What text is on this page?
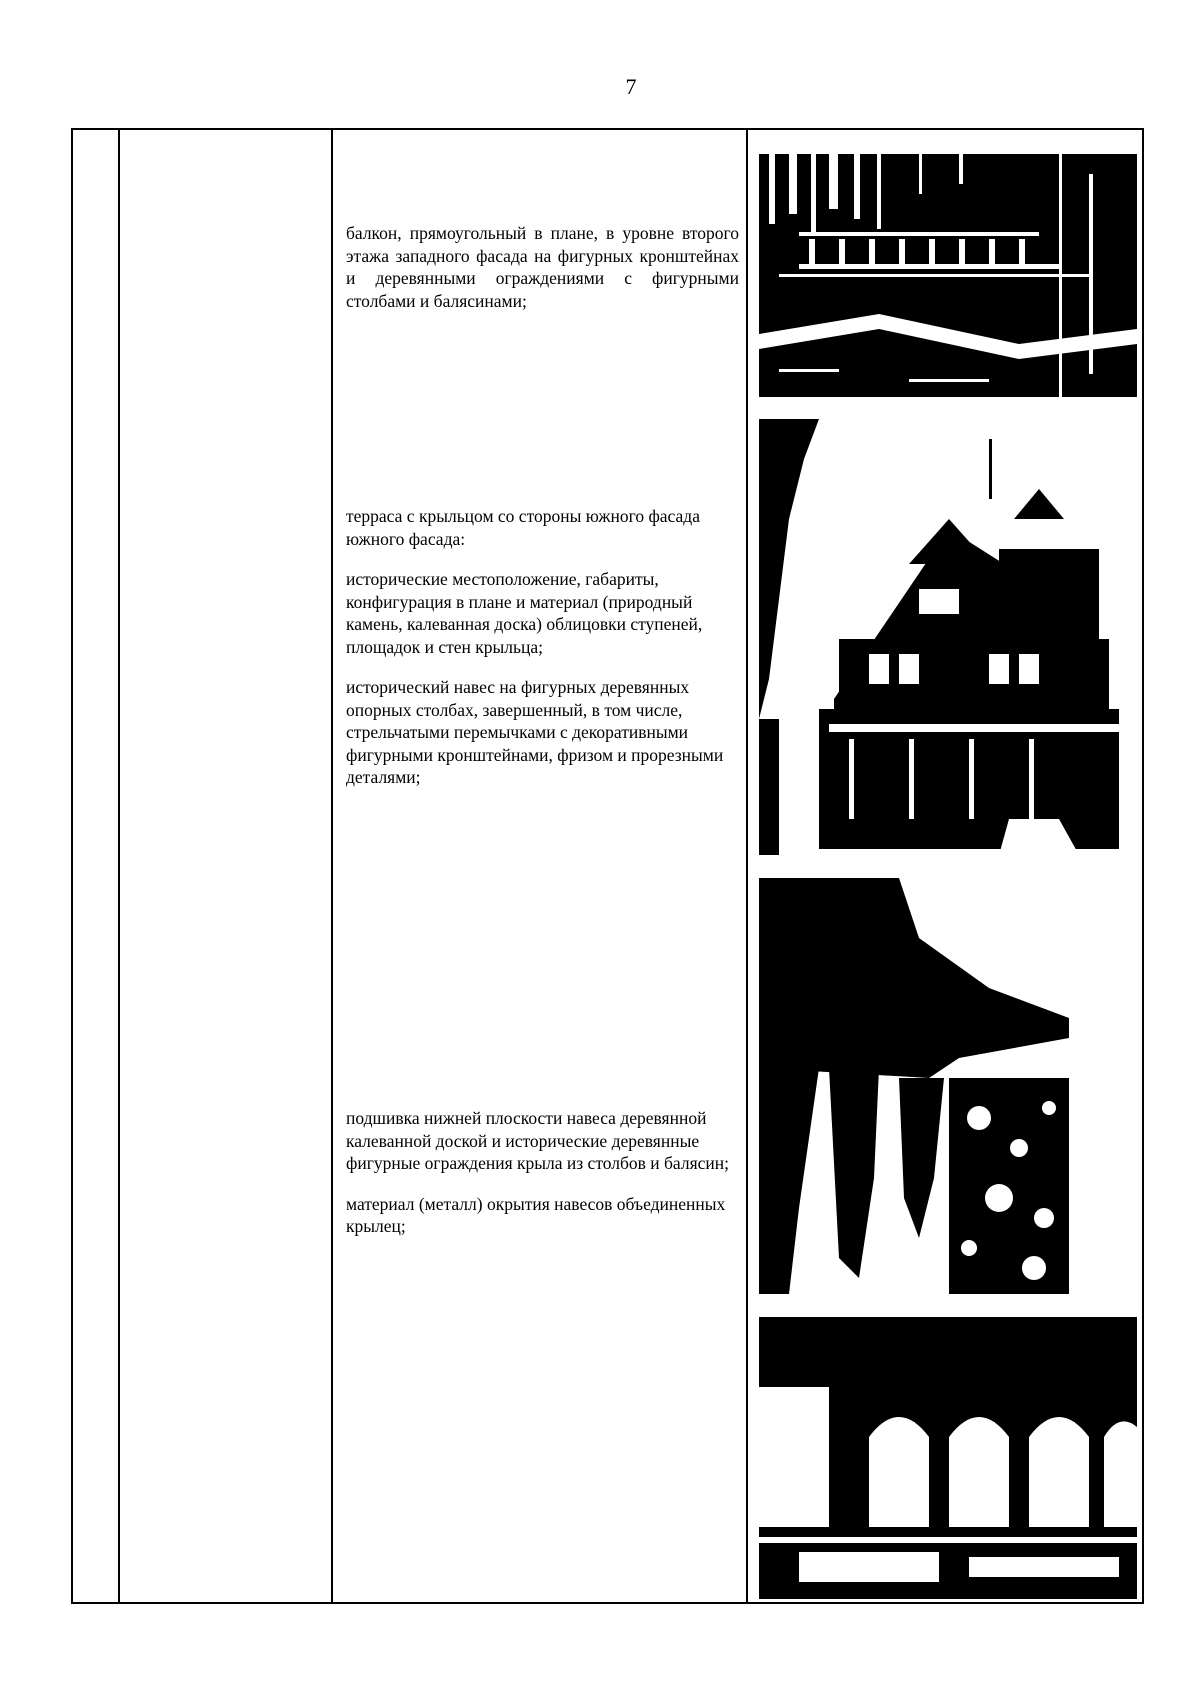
7

балкон, прямоугольный в плане, в уровне второго этажа западного фасада на фигурных кронштейнах и деревянными ограждениями с фигурными столбами и балясинами;

терраса с крыльцом со стороны южного фасада южного фасада:

исторические местоположение, габариты, конфигурация в плане и материал (природный камень, калеванная доска) облицовки ступеней, площадок и стен крыльца;

исторический навес на фигурных деревянных опорных столбах, завершенный, в том числе, стрельчатыми перемычками с декоративными фигурными кронштейнами, фризом и прорезными деталями;

подшивка нижней плоскости навеса деревянной калеванной доской и исторические деревянные фигурные ограждения крыла из столбов и балясин;

материал (металл) окрытия навесов объединенных крылец;
